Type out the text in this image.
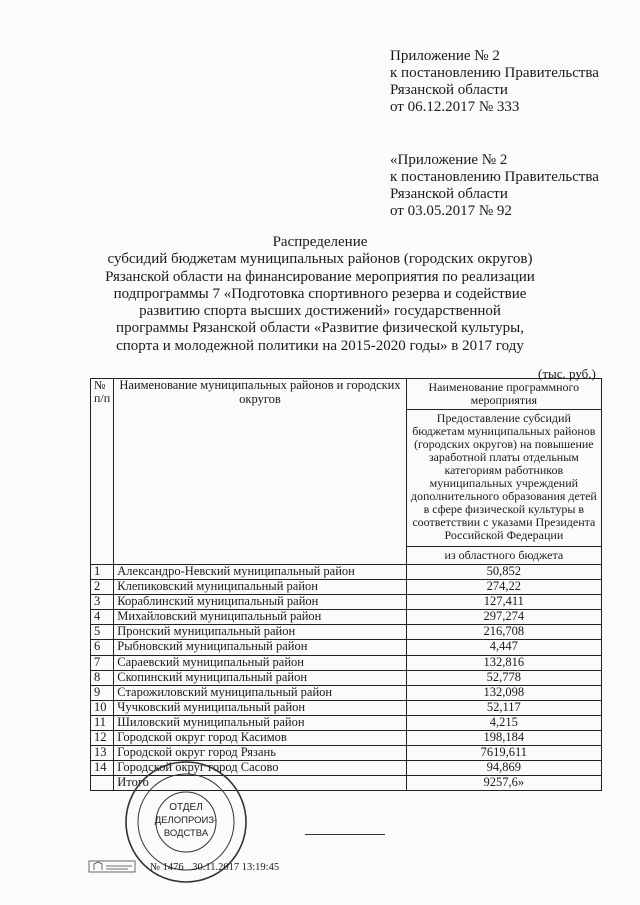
Приложение № 2
к постановлению Правительства
Рязанской области
от 06.12.2017 № 333
«Приложение № 2
к постановлению Правительства
Рязанской области
от 03.05.2017 № 92
Распределение
субсидий бюджетам муниципальных районов (городских округов)
Рязанской области на финансирование мероприятия по реализации
подпрограммы 7 «Подготовка спортивного резерва и содействие
развитию спорта высших достижений» государственной
программы Рязанской области «Развитие физической культуры,
спорта и молодежной политики на 2015-2020 годы» в 2017 году
(тыс. руб.)
№ п/п	Наименование муниципальных районов и городских округов	Наименование программного мероприятия
		Предоставление субсидий бюджетам муниципальных районов (городских округов) на повышение заработной платы отдельным категориям работников муниципальных учреждений дополнительного образования детей в сфере физической культуры в соответствии с указами Президента Российской Федерации
		из областного бюджета
1	Александро-Невский муниципальный район	50,852
2	Клепиковский муниципальный район	274,22
3	Кораблинский муниципальный район	127,411
4	Михайловский муниципальный район	297,274
5	Пронский муниципальный район	216,708
6	Рыбновский муниципальный район	4,447
7	Сараевский муниципальный район	132,816
8	Скопинский муниципальный район	52,778
9	Старожиловский муниципальный район	132,098
10	Чучковский муниципальный район	52,117
11	Шиловский муниципальный район	4,215
12	Городской округ город Касимов	198,184
13	Городской округ город Рязань	7619,611
14	Городской округ город Сасово	94,869
	Итого	9257,6»
ОТДЕЛ
ДЕЛОПРОИЗ-
ВОДСТВА
№ 1476 30.11.2017 13:19:45
